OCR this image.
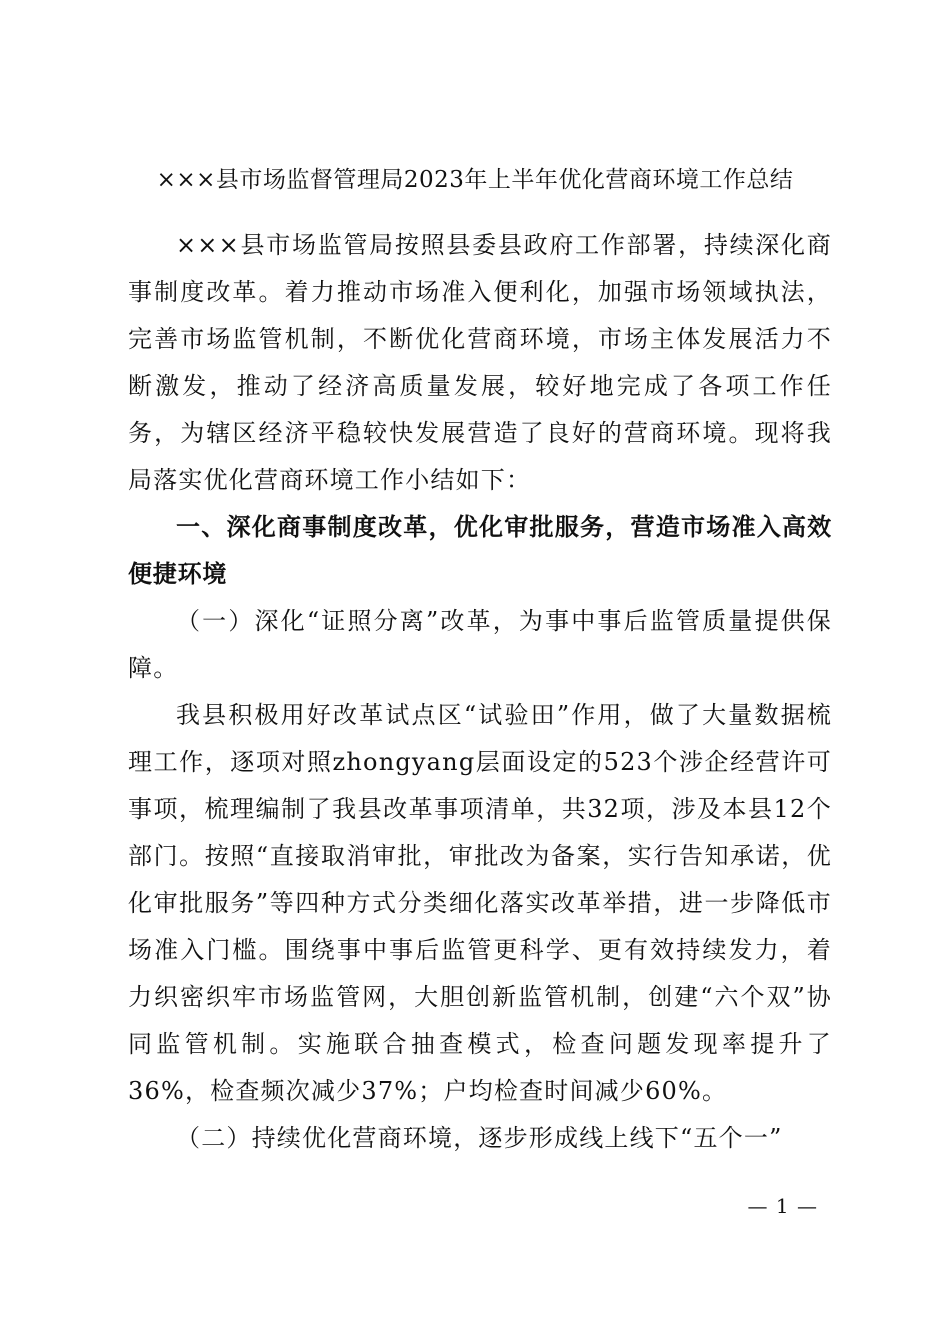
×××县市场监督管理局2023年上半年优化营商环境工作总结

×××县市场监管局按照县委县政府工作部署，持续深化商事制度改革。着力推动市场准入便利化，加强市场领域执法，完善市场监管机制，不断优化营商环境，市场主体发展活力不断激发，推动了经济高质量发展，较好地完成了各项工作任务，为辖区经济平稳较快发展营造了良好的营商环境。现将我局落实优化营商环境工作小结如下：

一、深化商事制度改革，优化审批服务，营造市场准入高效便捷环境

（一）深化“证照分离”改革，为事中事后监管质量提供保障。

我县积极用好改革试点区“试验田”作用，做了大量数据梳理工作，逐项对照zhongyang层面设定的523个涉企经营许可事项，梳理编制了我县改革事项清单，共32项，涉及本县12个部门。按照“直接取消审批，审批改为备案，实行告知承诺，优化审批服务”等四种方式分类细化落实改革举措，进一步降低市场准入门槛。围绕事中事后监管更科学、更有效持续发力，着力织密织牢市场监管网，大胆创新监管机制，创建“六个双”协同监管机制。实施联合抽查模式，检查问题发现率提升了36%，检查频次减少37%；户均检查时间减少60%。

（二）持续优化营商环境，逐步形成线上线下“五个一”

— 1 —
